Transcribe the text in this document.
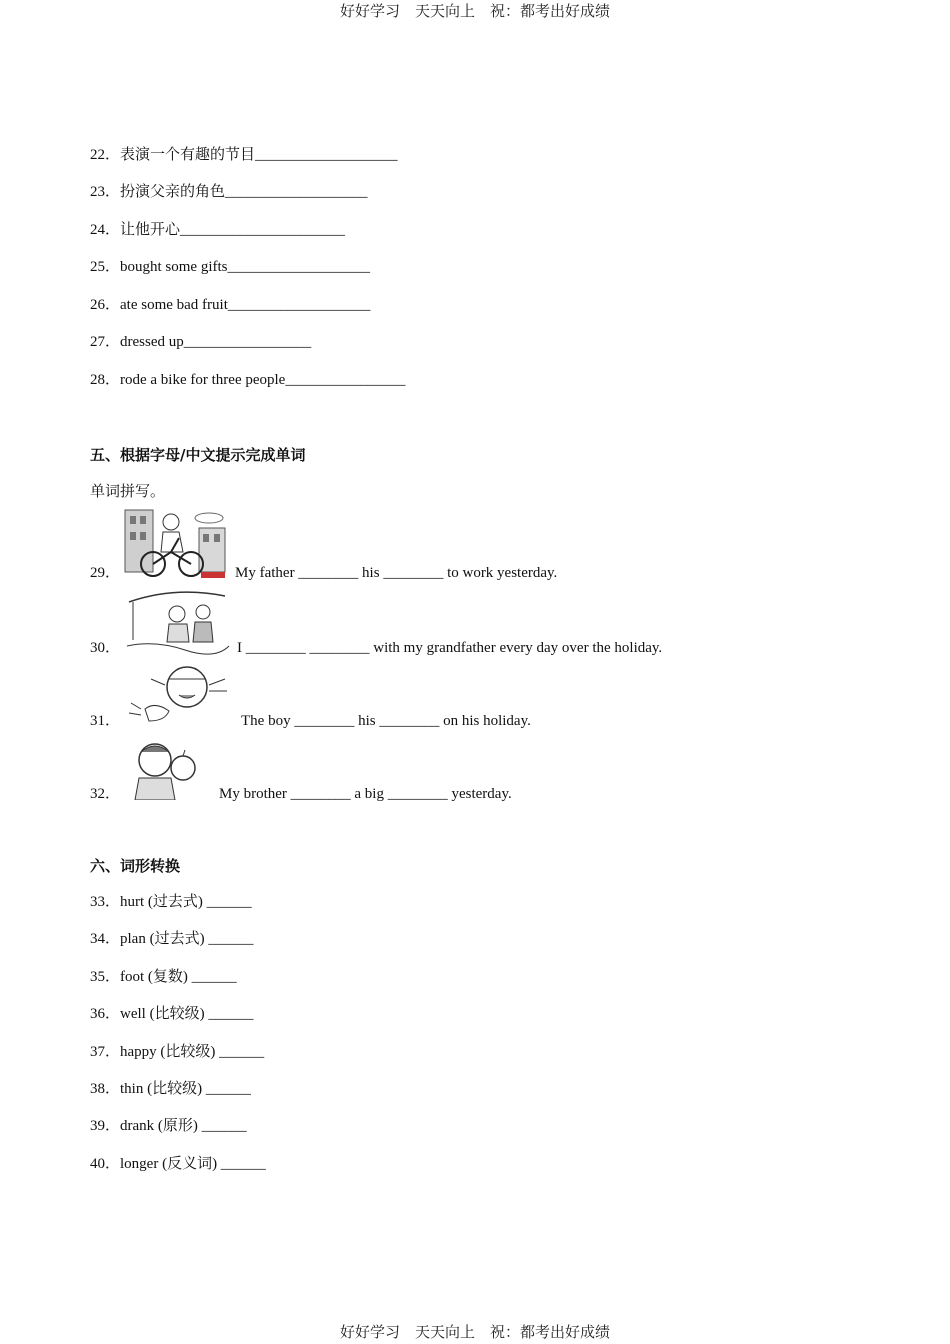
好好学习　天天向上　祝：都考出好成绩
22．表演一个有趣的节目___________________
23．扮演父亲的角色___________________
24．让他开心______________________
25．bought some gifts___________________
26．ate some bad fruit___________________
27．dressed up_________________
28．rode a bike for three people________________
五、根据字母/中文提示完成单词
单词拼写。
29．	My father ________ his ________ to work yesterday.
30．	I ________ ________ with my grandfather every day over the holiday.
31．	The boy ________ his ________ on his holiday.
32．	My brother ________ a big ________ yesterday.
六、词形转换
33．hurt (过去式) ______
34．plan (过去式) ______
35．foot (复数) ______
36．well (比较级) ______
37．happy (比较级) ______
38．thin (比较级) ______
39．drank (原形) ______
40．longer (反义词) ______
好好学习　天天向上　祝：都考出好成绩
